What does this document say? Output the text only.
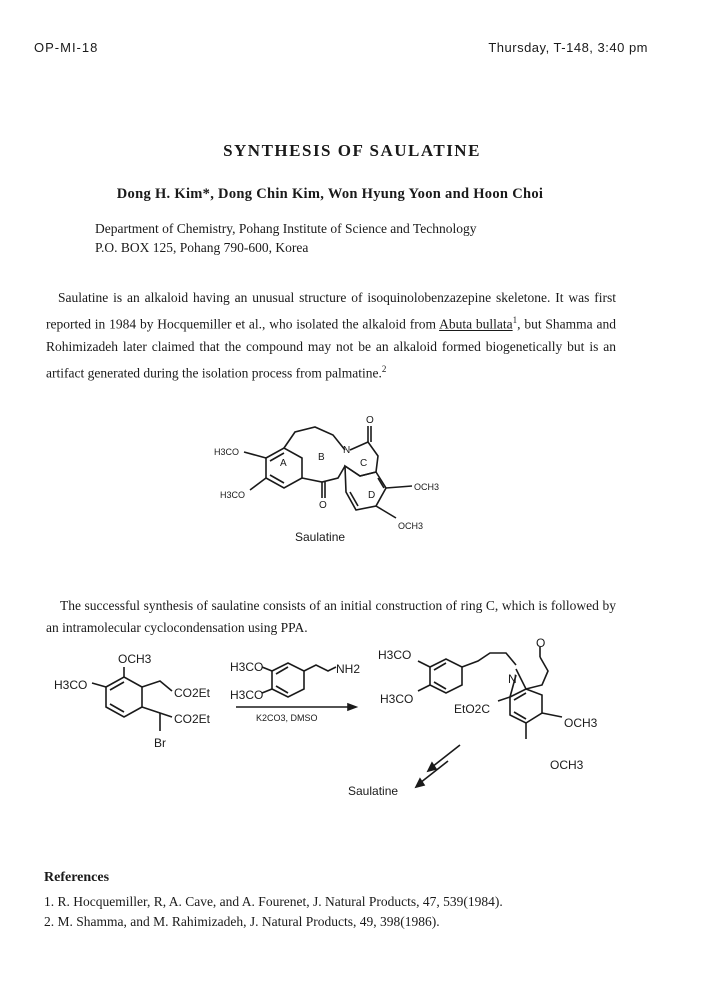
OP-MI-18	Thursday, T-148, 3:40 pm
SYNTHESIS OF SAULATINE
Dong H. Kim*, Dong Chin Kim, Won Hyung Yoon and Hoon Choi
Department of Chemistry, Pohang Institute of Science and Technology
P.O. BOX 125, Pohang 790-600, Korea

Saulatine is an alkaloid having an unusual structure of isoquinolobenzazepine skeletone. It was first reported in 1984 by Hocquemiller et al., who isolated the alkaloid from Abuta bullata$^1$, but Shamma and Rohimizadeh later claimed that the compound may not be an alkaloid formed biogenetically but is an artifact generated during the isolation process from palmatine.$^2$

H3CO
H3CO
OCH3
OCH3
A
B
C
D
N
O
O
Saulatine
The successful synthesis of saulatine consists of an initial construction of ring C, which is followed by an intramolecular cyclocondensation using PPA.
OCH3
H3CO
CO2Et
CO2Et
Br
H3CO
H3CO
NH2
K2CO3, DMSO
H3CO
H3CO
N
O
EtO2C
OCH3
OCH3
Saulatine
References
1. R. Hocquemiller, R, A. Cave, and A. Fourenet, J. Natural Products, 47, 539(1984).
2. M. Shamma, and M. Rahimizadeh, J. Natural Products, 49, 398(1986).
